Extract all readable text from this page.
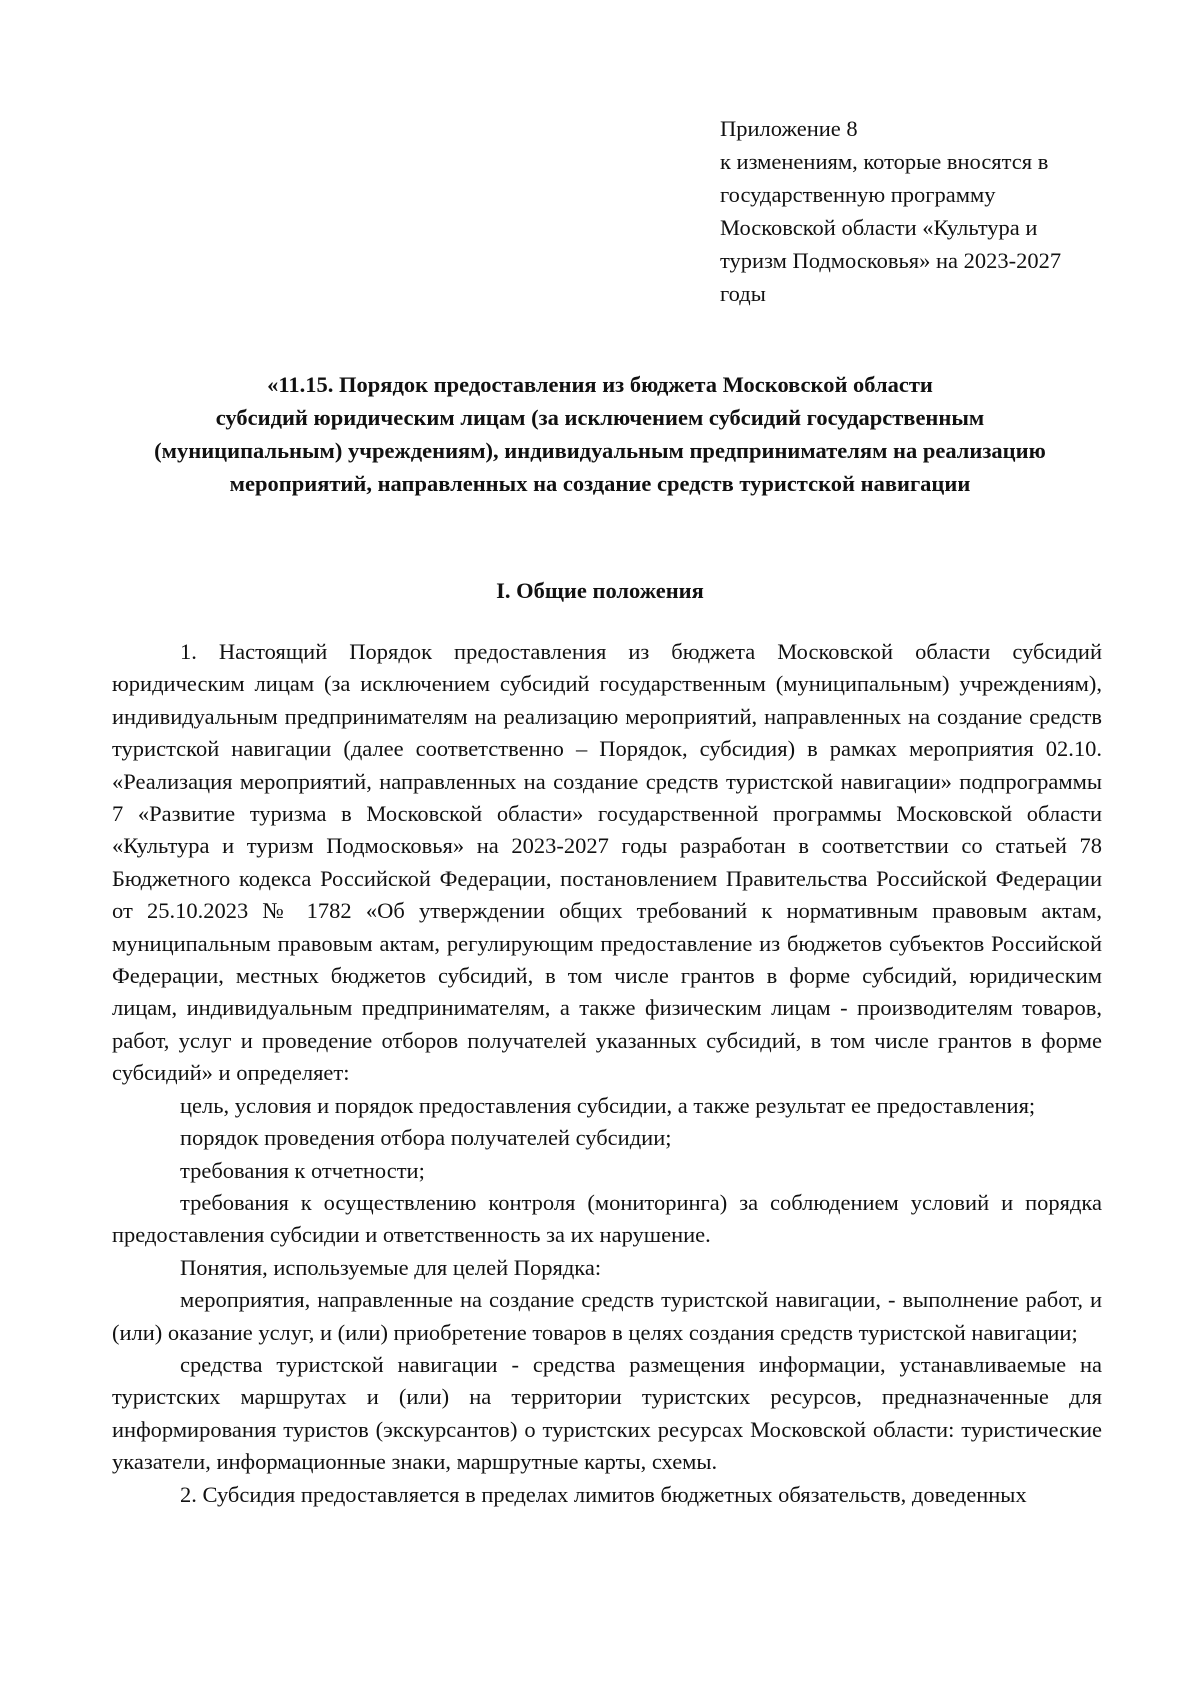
Приложение 8
к изменениям, которые вносятся в
государственную программу
Московской области «Культура и
туризм Подмосковья» на 2023-2027
годы
«11.15. Порядок предоставления из бюджета Московской области
субсидий юридическим лицам (за исключением субсидий государственным
(муниципальным) учреждениям), индивидуальным предпринимателям на реализацию
мероприятий, направленных на создание средств туристской навигации
I. Общие положения

1. Настоящий Порядок предоставления из бюджета Московской области субсидий юридическим лицам (за исключением субсидий государственным (муниципальным) учреждениям), индивидуальным предпринимателям на реализацию мероприятий, направленных на создание средств туристской навигации (далее соответственно – Порядок, субсидия) в рамках мероприятия 02.10. «Реализация мероприятий, направленных на создание средств туристской навигации» подпрограммы 7 «Развитие туризма в Московской области» государственной программы Московской области «Культура и туризм Подмосковья» на 2023-2027 годы разработан в соответствии со статьей 78 Бюджетного кодекса Российской Федерации, постановлением Правительства Российской Федерации от 25.10.2023 № 1782 «Об утверждении общих требований к нормативным правовым актам, муниципальным правовым актам, регулирующим предоставление из бюджетов субъектов Российской Федерации, местных бюджетов субсидий, в том числе грантов в форме субсидий, юридическим лицам, индивидуальным предпринимателям, а также физическим лицам - производителям товаров, работ, услуг и проведение отборов получателей указанных субсидий, в том числе грантов в форме субсидий» и определяет:

цель, условия и порядок предоставления субсидии, а также результат ее предоставления;

порядок проведения отбора получателей субсидии;

требования к отчетности;

требования к осуществлению контроля (мониторинга) за соблюдением условий и порядка предоставления субсидии и ответственность за их нарушение.

Понятия, используемые для целей Порядка:

мероприятия, направленные на создание средств туристской навигации, - выполнение работ, и (или) оказание услуг, и (или) приобретение товаров в целях создания средств туристской навигации;

средства туристской навигации - средства размещения информации, устанавливаемые на туристских маршрутах и (или) на территории туристских ресурсов, предназначенные для информирования туристов (экскурсантов) о туристских ресурсах Московской области: туристические указатели, информационные знаки, маршрутные карты, схемы.

2. Субсидия предоставляется в пределах лимитов бюджетных обязательств, доведенных
